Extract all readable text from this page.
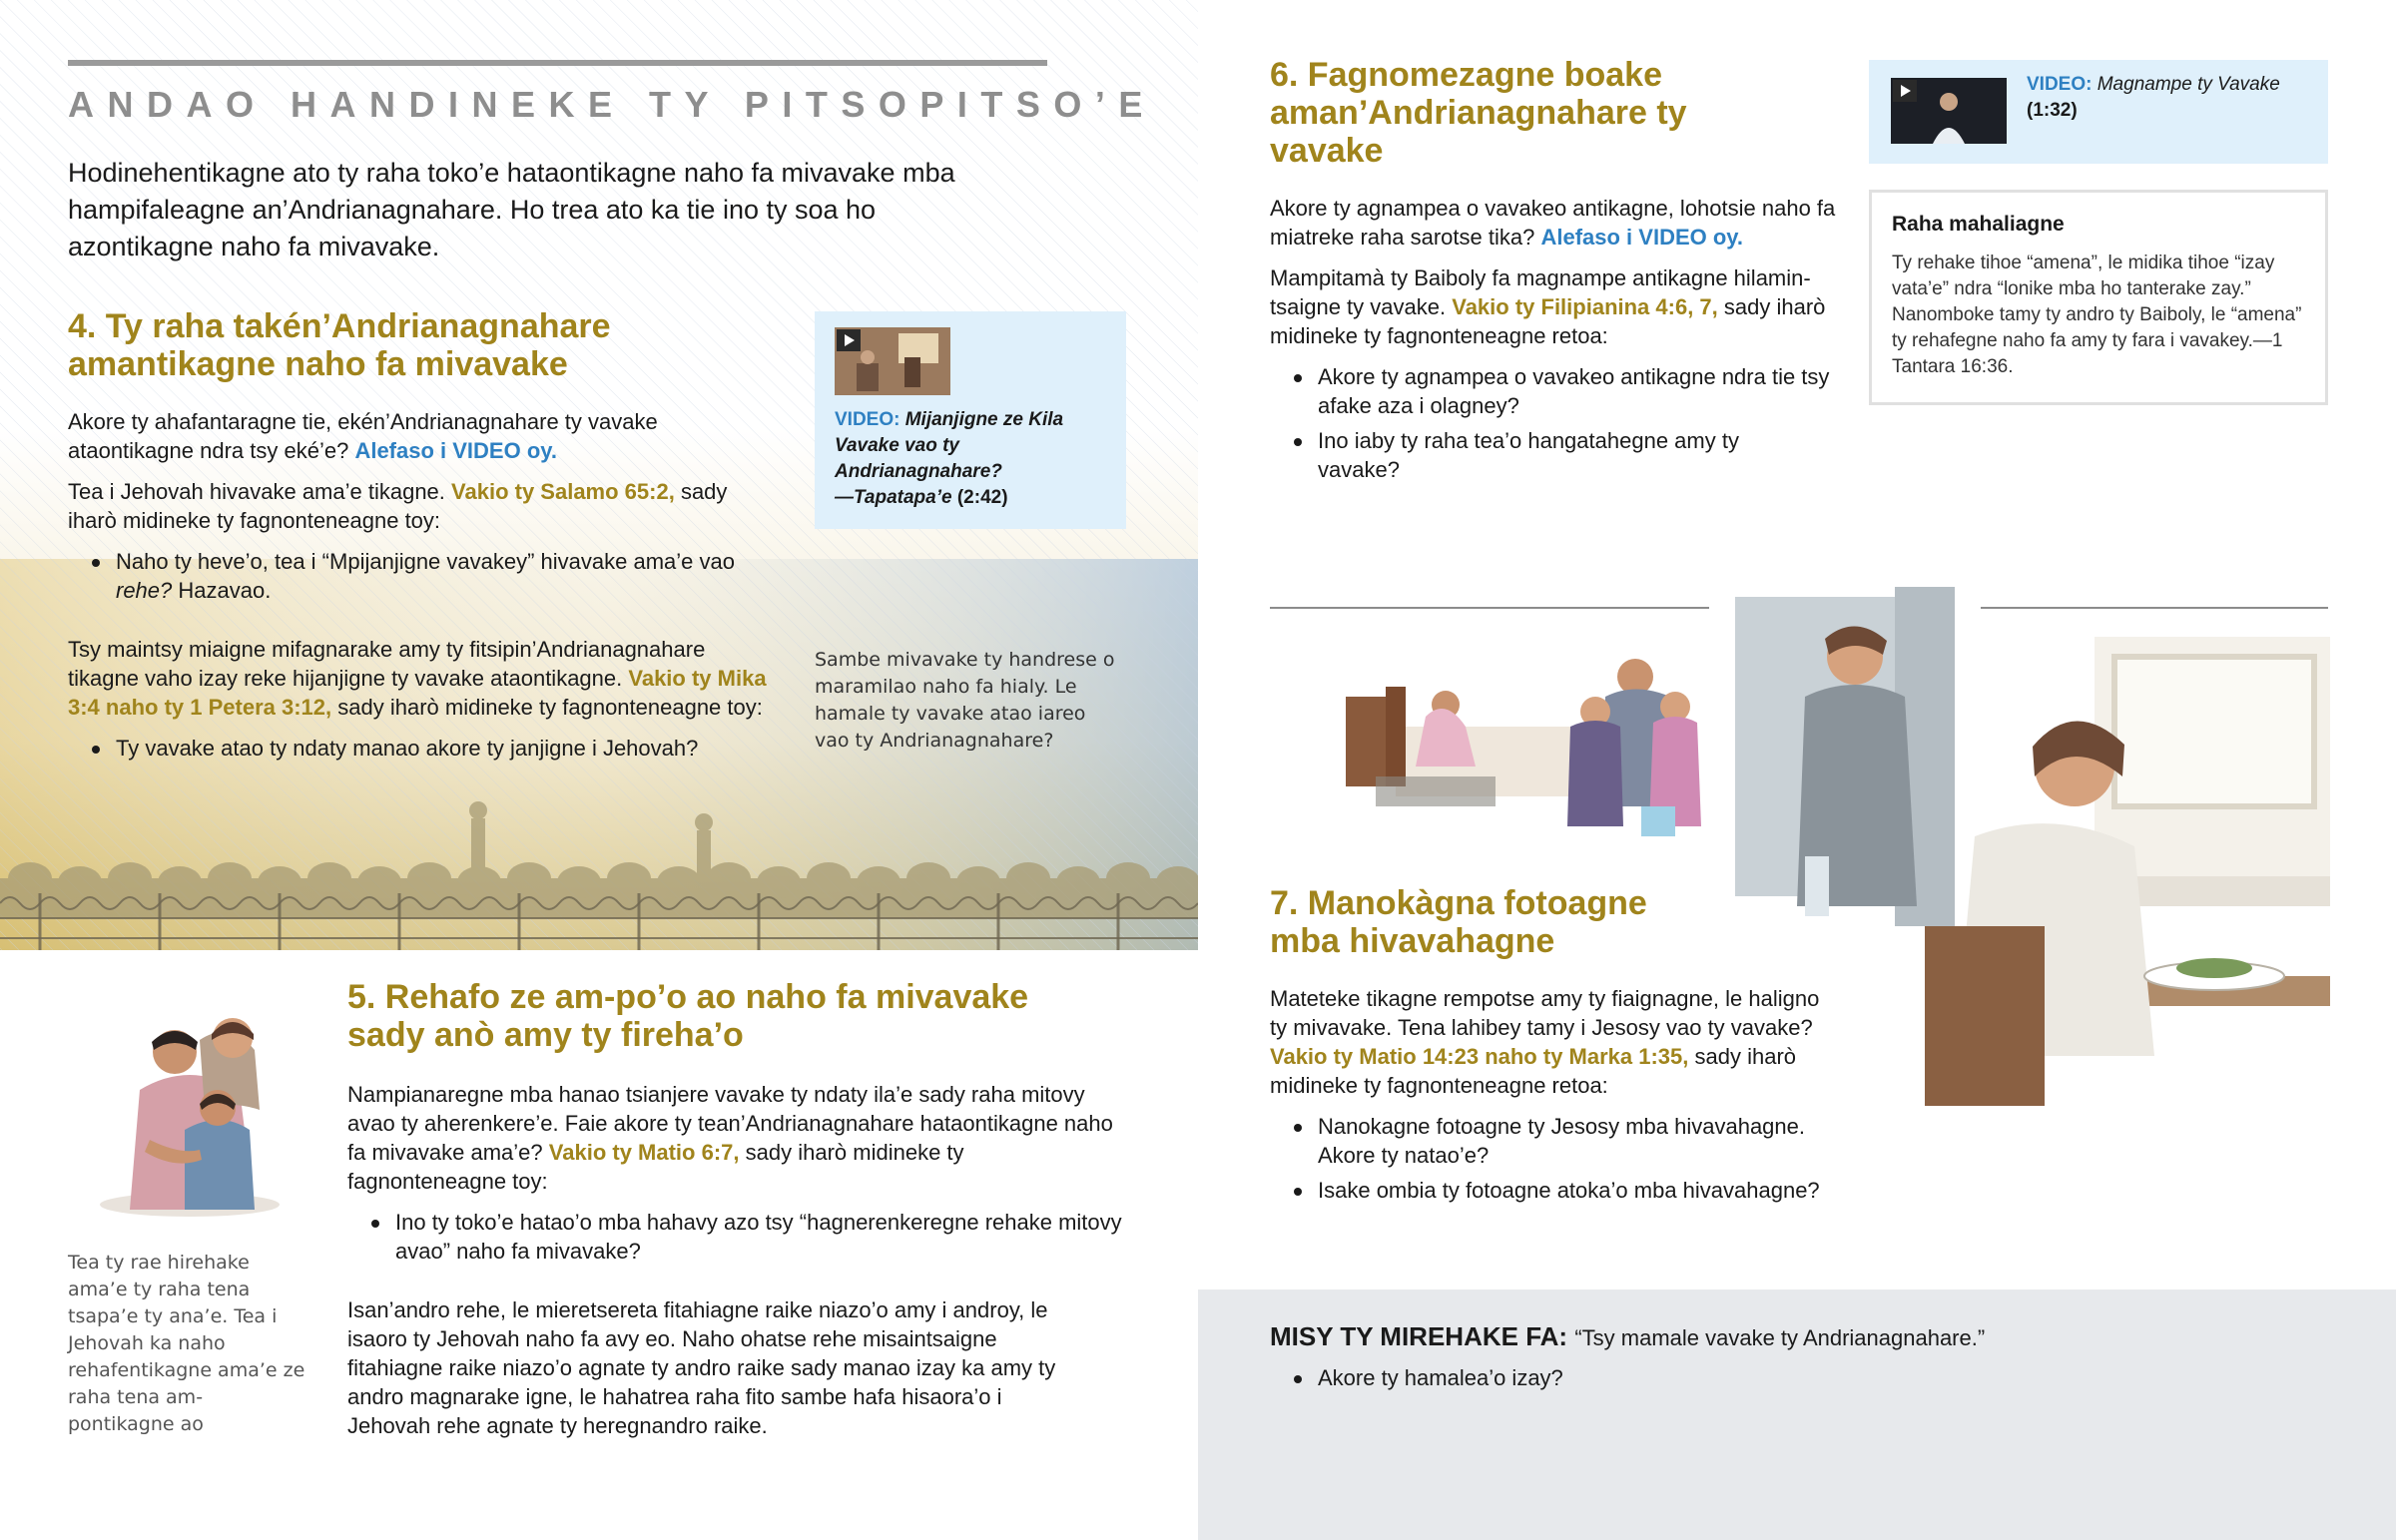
ANDAO HANDINEKE TY PITSOPITSO’E
Hodinehentikagne ato ty raha toko’e hataontikagne naho fa mivavake mba hampifaleagne an’Andrianagnahare. Ho trea ato ka tie ino ty soa ho azontikagne naho fa mivavake.
4. Ty raha takén’Andrianagnahare amantikagne naho fa mivavake

Akore ty ahafantaragne tie, ekén’Andrianagnahare ty vavake ataontikagne ndra tsy eké’e? Alefaso i VIDEO oy.

Tea i Jehovah hivavake ama’e tikagne. Vakio ty Salamo 65:2, sady iharò midineke ty fagnonteneagne toy:

Naho ty heve’o, tea i “Mpijanjigne vavakey” hivavake ama’e vao rehe? Hazavao.

Tsy maintsy miaigne mifagnarake amy ty fitsipin’Andrianagnahare tikagne vaho izay reke hijanjigne ty vavake ataontikagne. Vakio ty Mika 3:4 naho ty 1 Petera 3:12, sady iharò midineke ty fagnonteneagne toy:

Ty vavake atao ty ndaty manao akore ty janjigne i Jehovah?
VIDEO: Mijanjigne ze Kila Vavake vao ty Andrianagnahare?
—Tapatapa’e (2:42)
Sambe mivavake ty handrese o maramilao naho fa hialy. Le hamale ty vavake atao iareo vao ty Andrianagnahare?
Tea ty rae hirehake ama’e ty raha tena tsapa’e ty ana’e. Tea i Jehovah ka naho rehafentikagne ama’e ze raha tena am-pontikagne ao
5. Rehafo ze am-po’o ao naho fa mivavake sady anò amy ty fireha’o

Nampianaregne mba hanao tsianjere vavake ty ndaty ila’e sady raha mitovy avao ty aherenkere’e. Faie akore ty tean’Andrianagnahare hataontikagne naho fa mivavake ama’e? Vakio ty Matio 6:7, sady iharò midineke ty fagnonteneagne toy:

Ino ty toko’e hatao’o mba hahavy azo tsy “hagnerenkeregne rehake mitovy avao” naho fa mivavake?

Isan’andro rehe, le mieretsereta fitahiagne raike niazo’o amy i androy, le isaoro ty Jehovah naho fa avy eo. Naho ohatse rehe misaintsaigne fitahiagne raike niazo’o agnate ty andro raike sady manao izay ka amy ty andro magnarake igne, le hahatrea raha fito sambe hafa hisaora’o i Jehovah rehe agnate ty heregnandro raike.

6. Fagnomezagne boake aman’Andrianagnahare ty vavake

Akore ty agnampea o vavakeo antikagne, lohotsie naho fa miatreke raha sarotse tika? Alefaso i VIDEO oy.

Mampitamà ty Baiboly fa magnampe antikagne hilamin-tsaigne ty vavake. Vakio ty Filipianina 4:6, 7, sady iharò midineke ty fagnonteneagne retoa:

Akore ty agnampea o vavakeo antikagne ndra tie tsy afake aza i olagney?
Ino iaby ty raha tea’o hangatahegne amy ty vavake?
VIDEO: Magnampe ty Vavake
(1:32)
Raha mahaliagne
Ty rehake tihoe “amena”, le midika tihoe “izay vata’e” ndra “lonike mba ho tanterake zay.” Nanomboke tamy ty andro ty Baiboly, le “amena” ty rehafegne naho fa amy ty fara i vavakey.—1 Tantara 16:36.
7. Manokàgna fotoagne mba hivavahagne

Mateteke tikagne rempotse amy ty fiaignagne, le haligno ty mivavake. Tena lahibey tamy i Jesosy vao ty vavake? Vakio ty Matio 14:23 naho ty Marka 1:35, sady iharò midineke ty fagnonteneagne retoa:

Nanokagne fotoagne ty Jesosy mba hivavahagne. Akore ty natao’e?
Isake ombia ty fotoagne atoka’o mba hivavahagne?
MISY TY MIREHAKE FA: “Tsy mamale vavake ty Andrianagnahare.”
Akore ty hamalea’o izay?
